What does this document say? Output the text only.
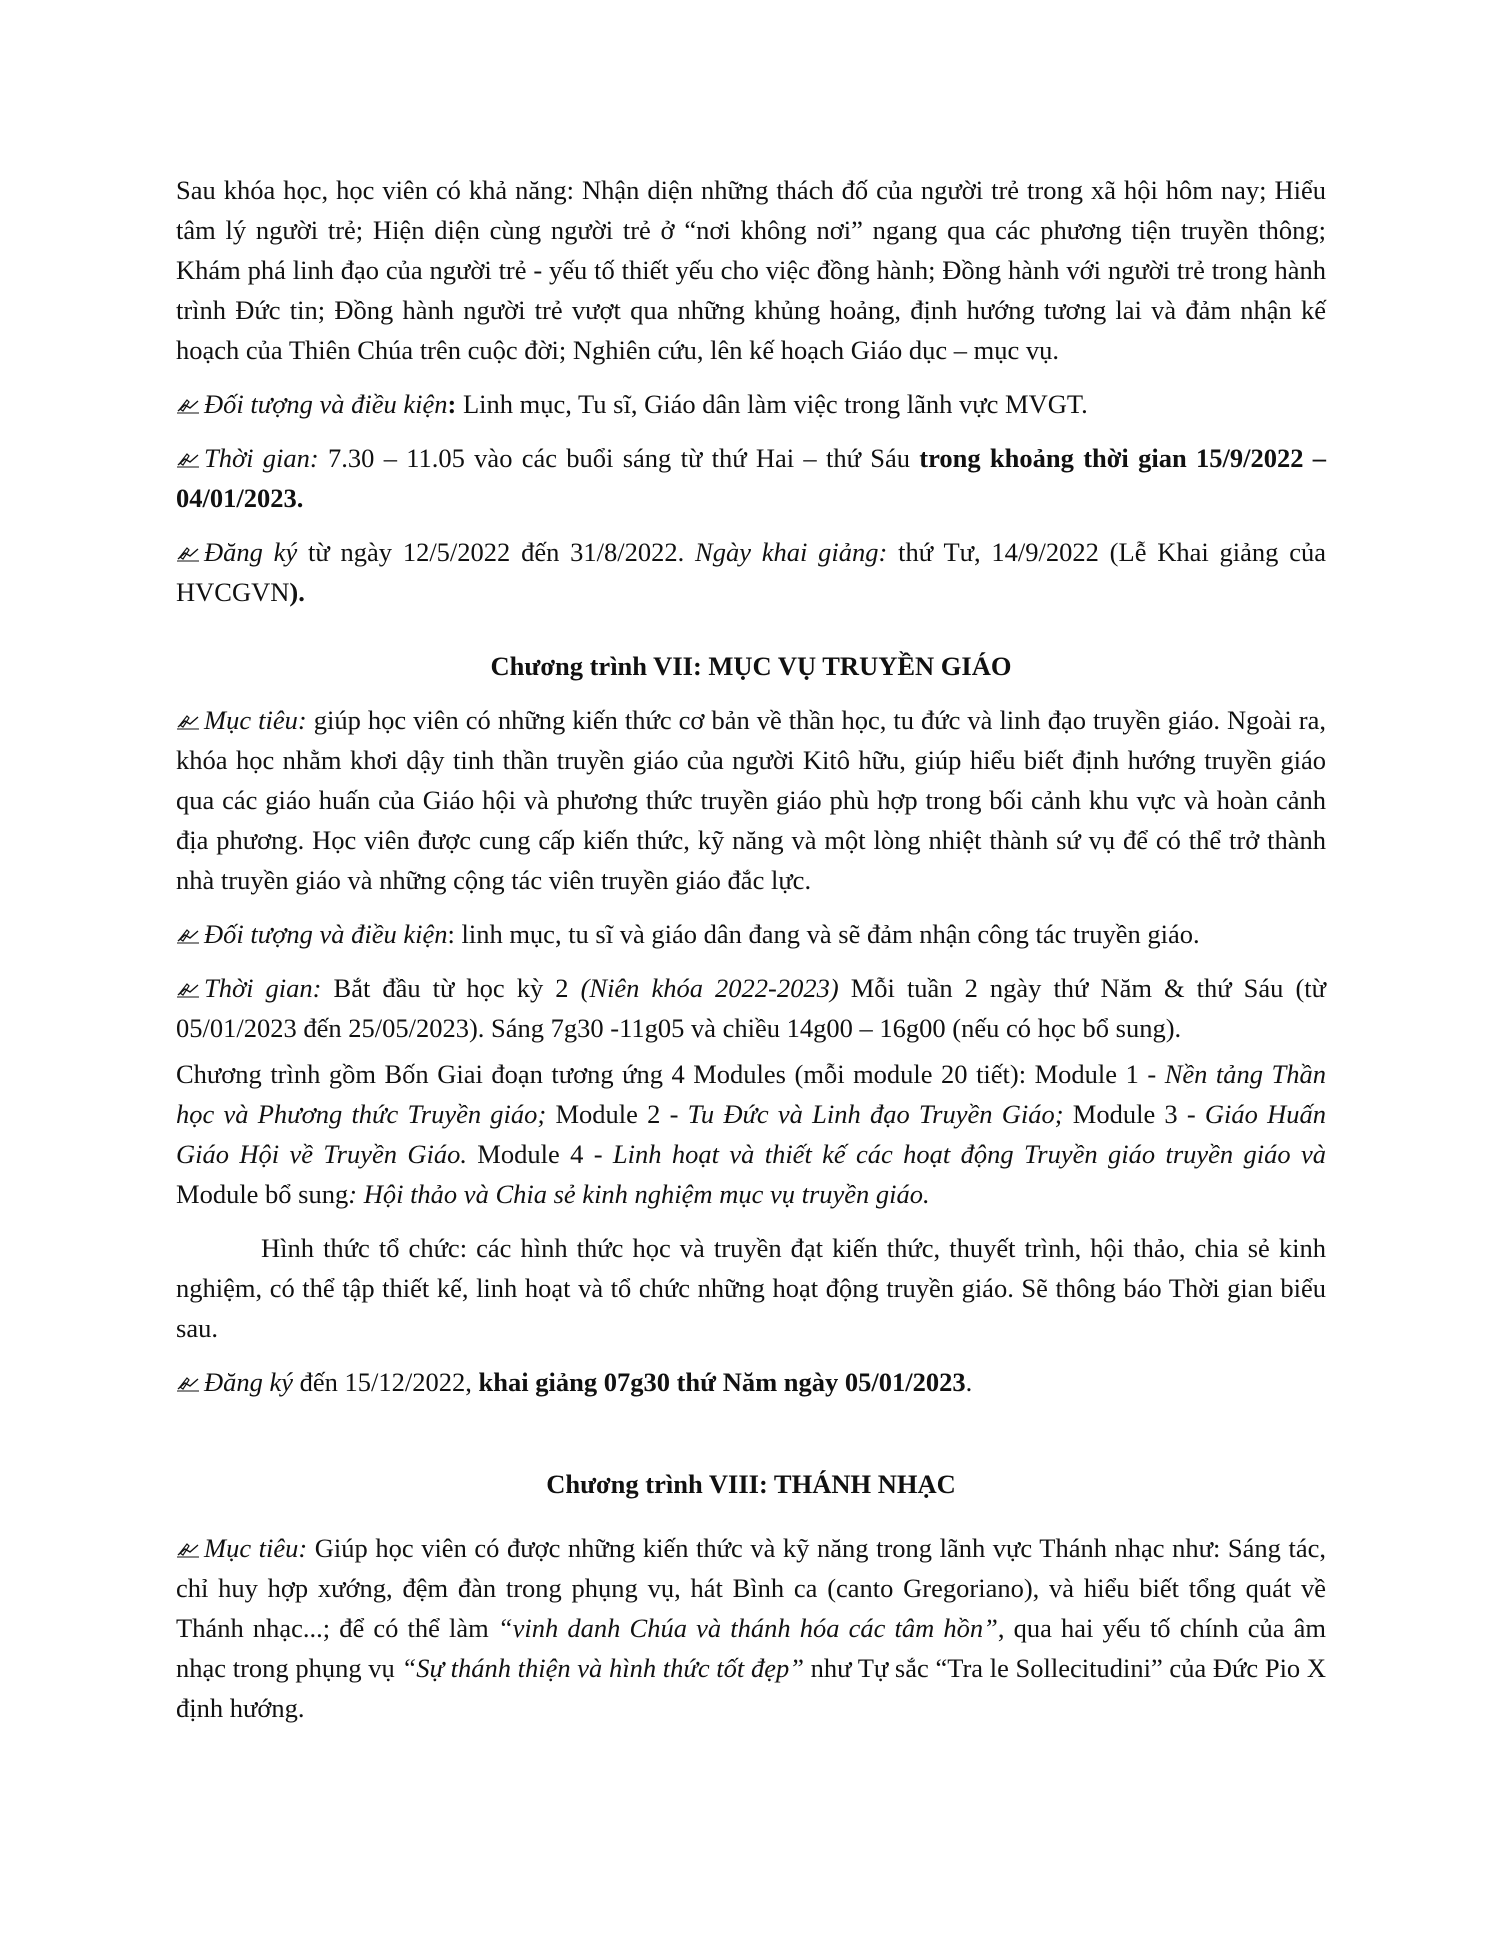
Sau khóa học, học viên có khả năng: Nhận diện những thách đố của người trẻ trong xã hội hôm nay; Hiểu tâm lý người trẻ; Hiện diện cùng người trẻ ở “nơi không nơi” ngang qua các phương tiện truyền thông; Khám phá linh đạo của người trẻ - yếu tố thiết yếu cho việc đồng hành; Đồng hành với người trẻ trong hành trình Đức tin; Đồng hành người trẻ vượt qua những khủng hoảng, định hướng tương lai và đảm nhận kế hoạch của Thiên Chúa trên cuộc đời; Nghiên cứu, lên kế hoạch Giáo dục – mục vụ.

Đối tượng và điều kiện: Linh mục, Tu sĩ, Giáo dân làm việc trong lãnh vực MVGT.

Thời gian: 7.30 – 11.05 vào các buổi sáng từ thứ Hai – thứ Sáu trong khoảng thời gian 15/9/2022 – 04/01/2023.

Đăng ký từ ngày 12/5/2022 đến 31/8/2022. Ngày khai giảng: thứ Tư, 14/9/2022 (Lễ Khai giảng của HVCGVN).

Chương trình VII: MỤC VỤ TRUYỀN GIÁO

Mục tiêu: giúp học viên có những kiến thức cơ bản về thần học, tu đức và linh đạo truyền giáo. Ngoài ra, khóa học nhằm khơi dậy tinh thần truyền giáo của người Kitô hữu, giúp hiểu biết định hướng truyền giáo qua các giáo huấn của Giáo hội và phương thức truyền giáo phù hợp trong bối cảnh khu vực và hoàn cảnh địa phương. Học viên được cung cấp kiến thức, kỹ năng và một lòng nhiệt thành sứ vụ để có thể trở thành nhà truyền giáo và những cộng tác viên truyền giáo đắc lực.

Đối tượng và điều kiện: linh mục, tu sĩ và giáo dân đang và sẽ đảm nhận công tác truyền giáo.

Thời gian: Bắt đầu từ học kỳ 2 (Niên khóa 2022-2023) Mỗi tuần 2 ngày thứ Năm & thứ Sáu (từ 05/01/2023 đến 25/05/2023). Sáng 7g30 -11g05 và chiều 14g00 – 16g00 (nếu có học bổ sung).

Chương trình gồm Bốn Giai đoạn tương ứng 4 Modules (mỗi module 20 tiết): Module 1 - Nền tảng Thần học và Phương thức Truyền giáo; Module 2 - Tu Đức và Linh đạo Truyền Giáo; Module 3 - Giáo Huấn Giáo Hội về Truyền Giáo. Module 4 - Linh hoạt và thiết kế các hoạt động Truyền giáo truyền giáo và Module bổ sung: Hội thảo và Chia sẻ kinh nghiệm mục vụ truyền giáo.

Hình thức tổ chức: các hình thức học và truyền đạt kiến thức, thuyết trình, hội thảo, chia sẻ kinh nghiệm, có thể tập thiết kế, linh hoạt và tổ chức những hoạt động truyền giáo. Sẽ thông báo Thời gian biểu sau.

Đăng ký đến 15/12/2022, khai giảng 07g30 thứ Năm ngày 05/01/2023.

Chương trình VIII: THÁNH NHẠC

Mục tiêu: Giúp học viên có được những kiến thức và kỹ năng trong lãnh vực Thánh nhạc như: Sáng tác, chỉ huy hợp xướng, đệm đàn trong phụng vụ, hát Bình ca (canto Gregoriano), và hiểu biết tổng quát về Thánh nhạc...; để có thể làm “vinh danh Chúa và thánh hóa các tâm hồn”, qua hai yếu tố chính của âm nhạc trong phụng vụ “Sự thánh thiện và hình thức tốt đẹp” như Tự sắc “Tra le Sollecitudini” của Đức Pio X định hướng.
